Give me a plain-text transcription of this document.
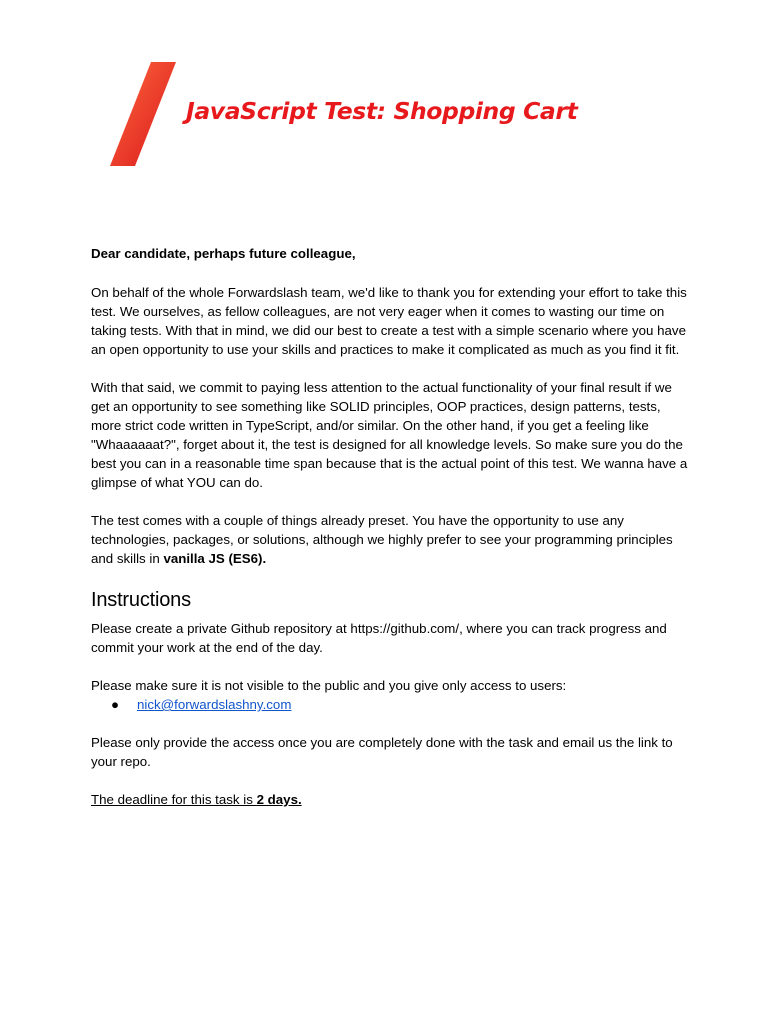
JavaScript Test: Shopping Cart

Dear candidate, perhaps future colleague,

On behalf of the whole Forwardslash team, we'd like to thank you for extending your effort to take this test. We ourselves, as fellow colleagues, are not very eager when it comes to wasting our time on taking tests. With that in mind, we did our best to create a test with a simple scenario where you have an open opportunity to use your skills and practices to make it complicated as much as you find it fit.

With that said, we commit to paying less attention to the actual functionality of your final result if we get an opportunity to see something like SOLID principles, OOP practices, design patterns, tests, more strict code written in TypeScript, and/or similar. On the other hand, if you get a feeling like "Whaaaaaat?", forget about it, the test is designed for all knowledge levels. So make sure you do the best you can in a reasonable time span because that is the actual point of this test. We wanna have a glimpse of what YOU can do.

The test comes with a couple of things already preset. You have the opportunity to use any technologies, packages, or solutions, although we highly prefer to see your programming principles and skills in vanilla JS (ES6).

Instructions

Please create a private Github repository at https://github.com/, where you can track progress and commit your work at the end of the day.

Please make sure it is not visible to the public and you give only access to users:

● nick@forwardslashny.com

Please only provide the access once you are completely done with the task and email us the link to your repo.

The deadline for this task is 2 days.
